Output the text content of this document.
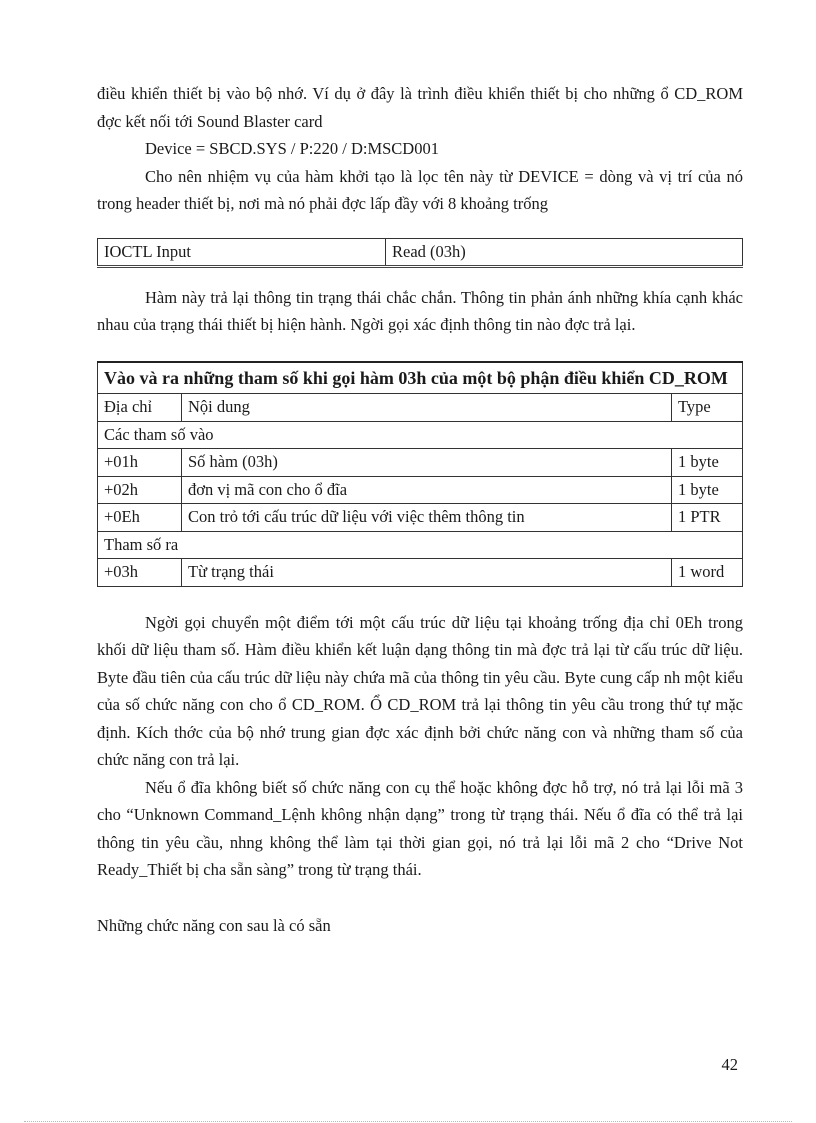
điều khiển thiết bị vào bộ nhớ. Ví dụ ở đây là trình điều khiển thiết bị cho những ổ CD_ROM đợc kết nối tới Sound Blaster card

Device = SBCD.SYS / P:220 / D:MSCD001

Cho nên nhiệm vụ của hàm khởi tạo là lọc tên này từ DEVICE = dòng và vị trí của nó trong header thiết bị, nơi mà nó phải đợc lấp đầy với 8 khoảng trống

IOCTL Input	Read (03h)

Hàm này trả lại thông tin trạng thái chắc chắn. Thông tin phản ánh những khía cạnh khác nhau của trạng thái thiết bị hiện hành. Ngời gọi xác định thông tin nào đợc trả lại.

Vào và ra những tham số khi gọi hàm 03h của một bộ phận điều khiển CD_ROM		
Địa chỉ	Nội dung	Type
Các tham số vào		
+01h	Số hàm (03h)	1 byte
+02h	đơn vị mã con cho ổ đĩa	1 byte
+0Eh	Con trỏ tới cấu trúc dữ liệu với việc thêm thông tin	1 PTR
Tham số ra		
+03h	Từ trạng thái	1 word

Ngời gọi chuyển một điểm tới một cấu trúc dữ liệu tại khoảng trống địa chỉ 0Eh trong khối dữ liệu tham số. Hàm điều khiển kết luận dạng thông tin mà đợc trả lại từ cấu trúc dữ liệu. Byte đầu tiên của cấu trúc dữ liệu này chứa mã của thông tin yêu cầu. Byte cung cấp nh một kiểu của số chức năng con cho ổ CD_ROM. Ổ CD_ROM trả lại thông tin yêu cầu trong thứ tự mặc định. Kích thớc của bộ nhớ trung gian đợc xác định bởi chức năng con và những tham số của chức năng con trả lại.

Nếu ổ đĩa không biết số chức năng con cụ thể hoặc không đợc hỗ trợ, nó trả lại lỗi mã 3 cho “Unknown Command_Lệnh không nhận dạng” trong từ trạng thái. Nếu ổ đĩa có thể trả lại thông tin yêu cầu, nhng không thể làm tại thời gian gọi, nó trả lại lỗi mã 2 cho “Drive Not Ready_Thiết bị cha sẵn sàng” trong từ trạng thái.

Những chức năng con sau là có sẵn

42
